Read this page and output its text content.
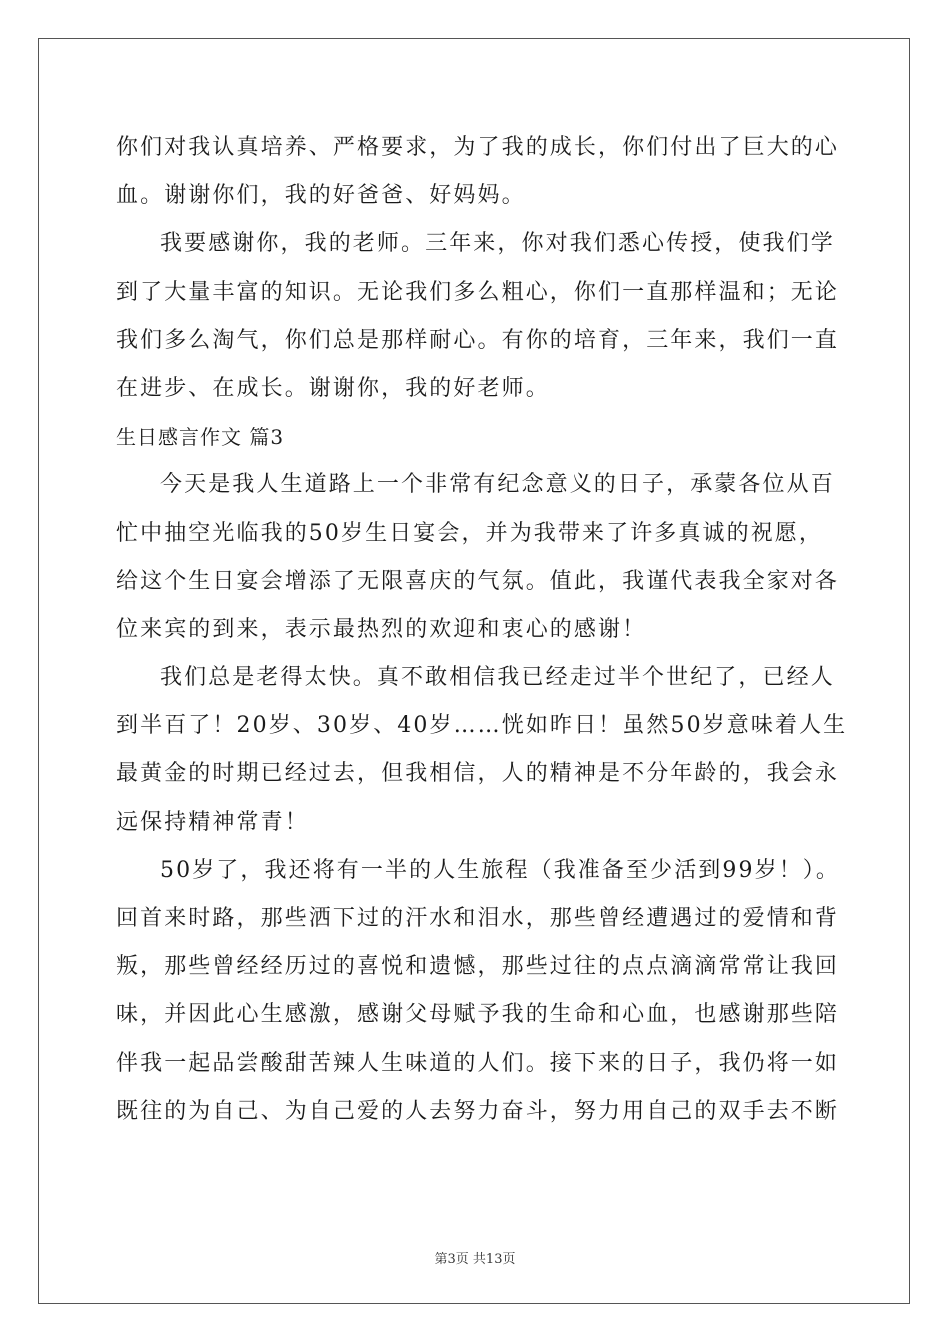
你们对我认真培养、严格要求，为了我的成长，你们付出了巨大的心
血。谢谢你们，我的好爸爸、好妈妈。
我要感谢你，我的老师。三年来，你对我们悉心传授，使我们学
到了大量丰富的知识。无论我们多么粗心，你们一直那样温和；无论
我们多么淘气，你们总是那样耐心。有你的培育，三年来，我们一直
在进步、在成长。谢谢你，我的好老师。
生日感言作文 篇3
今天是我人生道路上一个非常有纪念意义的日子，承蒙各位从百
忙中抽空光临我的50岁生日宴会，并为我带来了许多真诚的祝愿，
给这个生日宴会增添了无限喜庆的气氛。值此，我谨代表我全家对各
位来宾的到来，表示最热烈的欢迎和衷心的感谢！
我们总是老得太快。真不敢相信我已经走过半个世纪了，已经人
到半百了！20岁、30岁、40岁……恍如昨日！虽然50岁意味着人生
最黄金的时期已经过去，但我相信，人的精神是不分年龄的，我会永
远保持精神常青！
50岁了，我还将有一半的人生旅程（我准备至少活到99岁！）。
回首来时路，那些洒下过的汗水和泪水，那些曾经遭遇过的爱情和背
叛，那些曾经经历过的喜悦和遗憾，那些过往的点点滴滴常常让我回
味，并因此心生感激，感谢父母赋予我的生命和心血，也感谢那些陪
伴我一起品尝酸甜苦辣人生味道的人们。接下来的日子，我仍将一如
既往的为自己、为自己爱的人去努力奋斗，努力用自己的双手去不断
第3页 共13页
